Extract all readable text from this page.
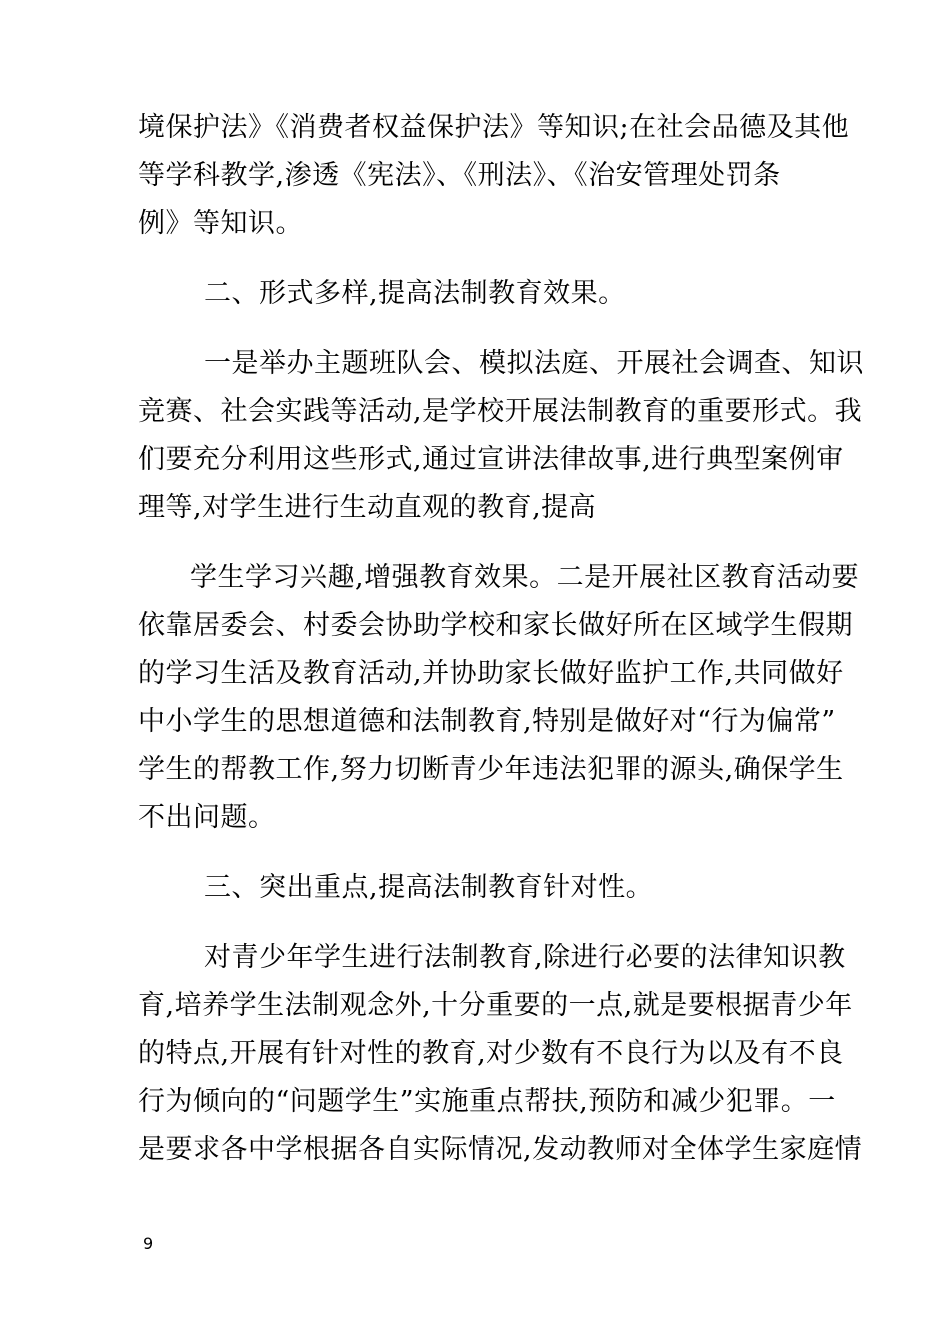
境保护法》《消费者权益保护法》等知识;在社会品德及其他
等学科教学,渗透《宪法》、《刑法》、《治安管理处罚条
例》等知识。
二、形式多样,提高法制教育效果。
一是举办主题班队会、模拟法庭、开展社会调查、知识
竞赛、社会实践等活动,是学校开展法制教育的重要形式。我
们要充分利用这些形式,通过宣讲法律故事,进行典型案例审
理等,对学生进行生动直观的教育,提高
学生学习兴趣,增强教育效果。二是开展社区教育活动要
依靠居委会、村委会协助学校和家长做好所在区域学生假期
的学习生活及教育活动,并协助家长做好监护工作,共同做好
中小学生的思想道德和法制教育,特别是做好对“行为偏常”
学生的帮教工作,努力切断青少年违法犯罪的源头,确保学生
不出问题。
三、突出重点,提高法制教育针对性。
对青少年学生进行法制教育,除进行必要的法律知识教
育,培养学生法制观念外,十分重要的一点,就是要根据青少年
的特点,开展有针对性的教育,对少数有不良行为以及有不良
行为倾向的“问题学生”实施重点帮扶,预防和减少犯罪。一
是要求各中学根据各自实际情况,发动教师对全体学生家庭情
9
